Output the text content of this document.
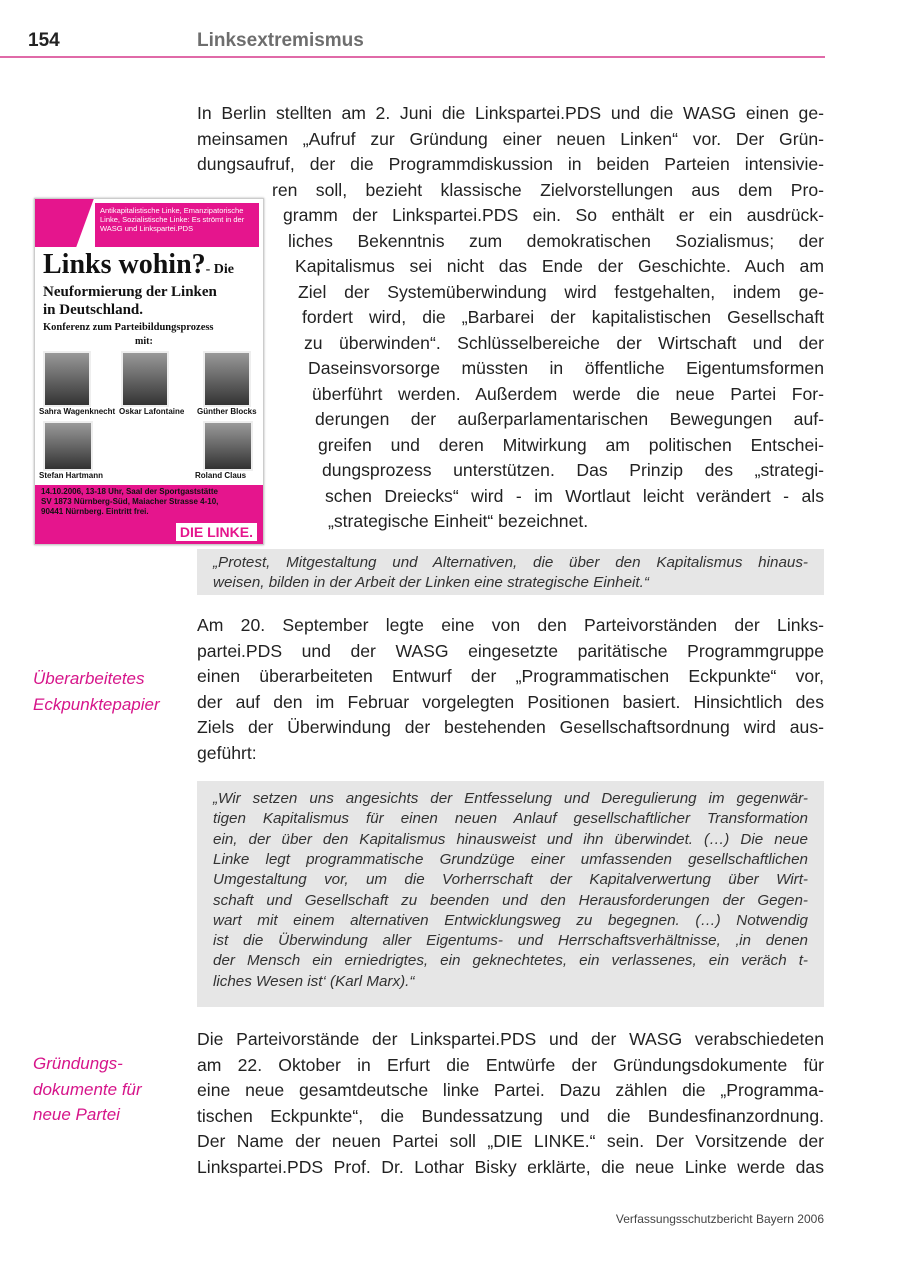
154	Linksextremismus
Antikapitalistische Linke, Emanzipatorische Linke, Sozialistische Linke: Es strömt in der WASG und Linkspartei.PDS
Links wohin?- Die
Neuformierung der Linken
in Deutschland.
Konferenz zum Parteibildungsprozess
mit:
Sahra Wagenknecht Oskar Lafontaine Günther Blocks
Stefan Hartmann	Roland Claus
14.10.2006, 13-18 Uhr, Saal der Sportgaststätte
SV 1873 Nürnberg-Süd, Maiacher Strasse 4-10,
90441 Nürnberg. Eintritt frei.
DIE LINKE.
In Berlin stellten am 2. Juni die Linkspartei.PDS und die WASG einen ge-
meinsamen „Aufruf zur Gründung einer neuen Linken“ vor. Der Grün-
dungsaufruf, der die Programmdiskussion in beiden Parteien intensivie-
ren soll, bezieht klassische Zielvorstellungen aus dem Pro-
gramm der Linkspartei.PDS ein. So enthält er ein ausdrück-
liches Bekenntnis zum demokratischen Sozialismus; der
Kapitalismus sei nicht das Ende der Geschichte. Auch am
Ziel der Systemüberwindung wird festgehalten, indem ge-
fordert wird, die „Barbarei der kapitalistischen Gesellschaft
zu überwinden“. Schlüsselbereiche der Wirtschaft und der
Daseinsvorsorge müssten in öffentliche Eigentumsformen
überführt werden. Außerdem werde die neue Partei For-
derungen der außerparlamentarischen Bewegungen auf-
greifen und deren Mitwirkung am politischen Entschei-
dungsprozess unterstützen. Das Prinzip des „strategi-
schen Dreiecks“ wird - im Wortlaut leicht verändert - als
„strategische Einheit“ bezeichnet.
„Protest, Mitgestaltung und Alternativen, die über den Kapitalismus hinaus-
weisen, bilden in der Arbeit der Linken eine strategische Einheit.“
Überarbeitetes
Eckpunktepapier
Am 20. September legte eine von den Parteivorständen der Links-
partei.PDS und der WASG eingesetzte paritätische Programmgruppe
einen überarbeiteten Entwurf der „Programmatischen Eckpunkte“ vor,
der auf den im Februar vorgelegten Positionen basiert. Hinsichtlich des
Ziels der Überwindung der bestehenden Gesellschaftsordnung wird aus-
geführt:
„Wir setzen uns angesichts der Entfesselung und Deregulierung im gegenwär-
tigen Kapitalismus für einen neuen Anlauf gesellschaftlicher Transformation
ein, der über den Kapitalismus hinausweist und ihn überwindet. (…) Die neue
Linke legt programmatische Grundzüge einer umfassenden gesellschaftlichen
Umgestaltung vor, um die Vorherrschaft der Kapitalverwertung über Wirt-
schaft und Gesellschaft zu beenden und den Herausforderungen der Gegen-
wart mit einem alternativen Entwicklungsweg zu begegnen. (…) Notwendig
ist die Überwindung aller Eigentums- und Herrschaftsverhältnisse, ‚in denen
der Mensch ein erniedrigtes, ein geknechtetes, ein verlassenes, ein veräch t-
liches Wesen ist‘ (Karl Marx).“
Gründungs-
dokumente für
neue Partei
Die Parteivorstände der Linkspartei.PDS und der WASG verabschiedeten
am 22. Oktober in Erfurt die Entwürfe der Gründungsdokumente für
eine neue gesamtdeutsche linke Partei. Dazu zählen die „Programma-
tischen Eckpunkte“, die Bundessatzung und die Bundesfinanzordnung.
Der Name der neuen Partei soll „DIE LINKE.“ sein. Der Vorsitzende der
Linkspartei.PDS Prof. Dr. Lothar Bisky erklärte, die neue Linke werde das
Verfassungsschutzbericht Bayern 2006
